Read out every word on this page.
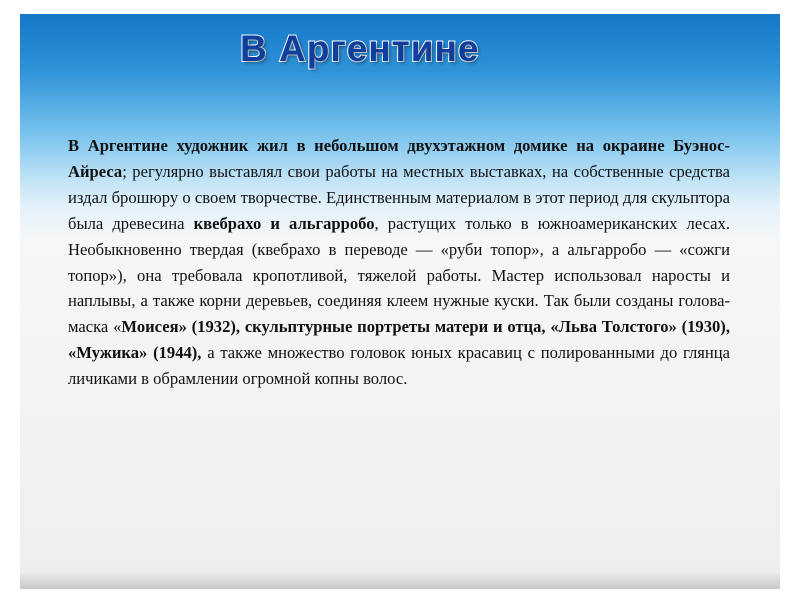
В Аргентине

В Аргентине художник жил в небольшом двухэтажном домике на окраине Буэнос-Айреса; регулярно выставлял свои работы на местных выставках, на собственные средства издал брошюру о своем творчестве. Единственным материалом в этот период для скульптора была древесина квебрахо и альгарробо, растущих только в южноамериканских лесах. Необыкновенно твердая (квебрахо в переводе — «руби топор», а альгарробо — «сожги топор»), она требовала кропотливой, тяжелой работы. Мастер использовал наросты и наплывы, а также корни деревьев, соединяя клеем нужные куски. Так были созданы голова-маска «Моисея» (1932), скульптурные портреты матери и отца, «Льва Толстого» (1930), «Мужика» (1944), а также множество головок юных красавиц с полированными до глянца личиками в обрамлении огромной копны волос.
